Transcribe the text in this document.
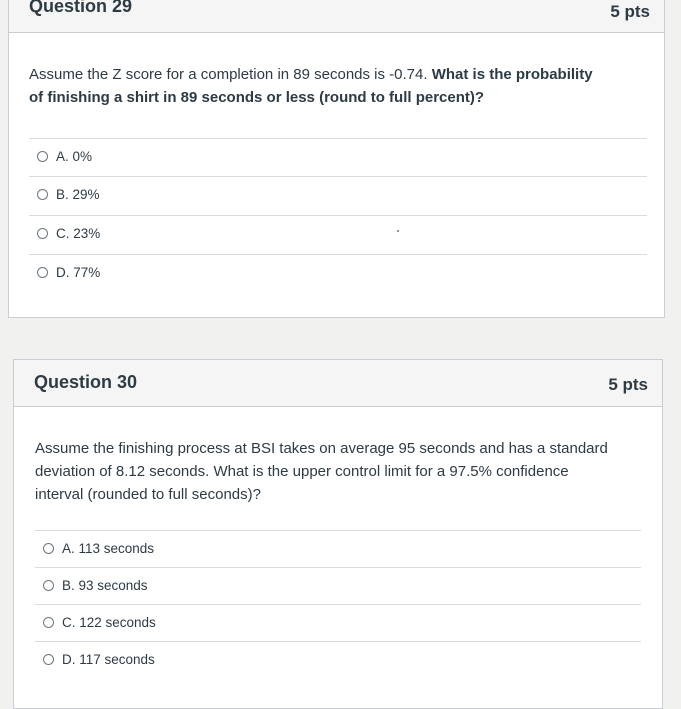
Question 29	5 pts
Assume the Z score for a completion in 89 seconds is -0.74. What is the probability
of finishing a shirt in 89 seconds or less (round to full percent)?
A. 0%
B. 29%
C. 23%
D. 77%
Question 30	5 pts
Assume the finishing process at BSI takes on average 95 seconds and has a standard
deviation of 8.12 seconds. What is the upper control limit for a 97.5% confidence
interval (rounded to full seconds)?
A. 113 seconds
B. 93 seconds
C. 122 seconds
D. 117 seconds
